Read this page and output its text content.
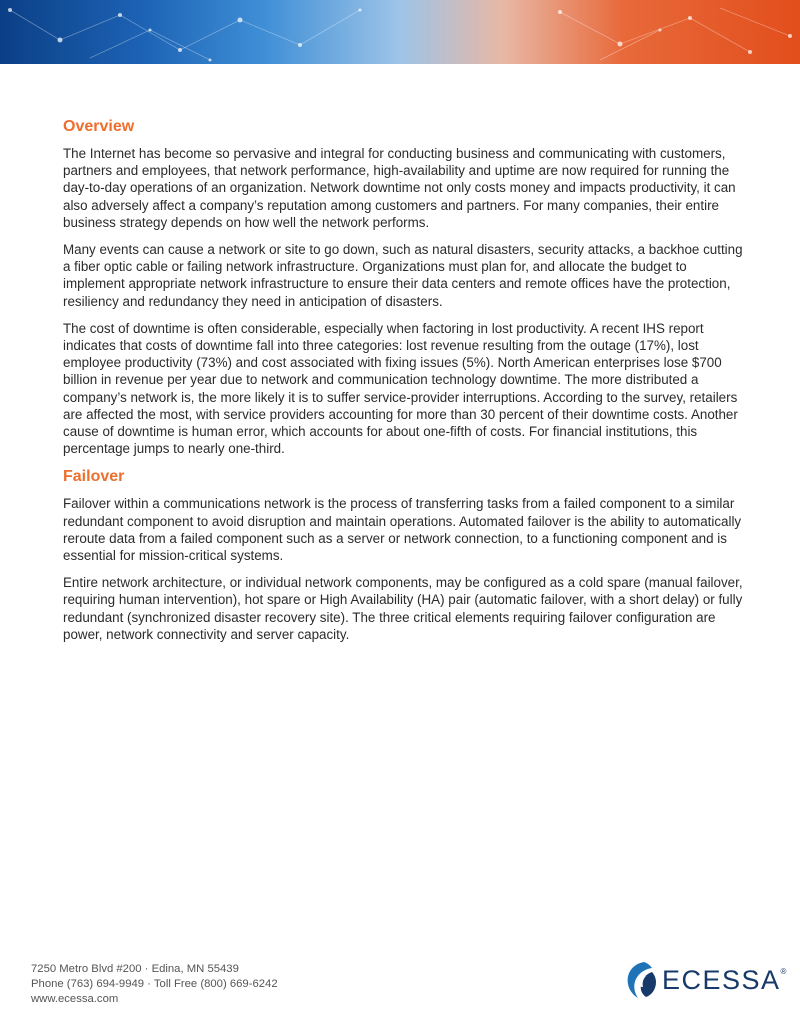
Overview

The Internet has become so pervasive and integral for conducting business and communicating with customers, partners and employees, that network performance, high-availability and uptime are now required for running the day-to-day operations of an organization. Network downtime not only costs money and impacts productivity, it can also adversely affect a company’s reputation among customers and partners. For many companies, their entire business strategy depends on how well the network performs.

Many events can cause a network or site to go down, such as natural disasters, security attacks, a backhoe cutting a fiber optic cable or failing network infrastructure. Organizations must plan for, and allocate the budget to implement appropriate network infrastructure to ensure their data centers and remote offices have the protection, resiliency and redundancy they need in anticipation of disasters.

The cost of downtime is often considerable, especially when factoring in lost productivity. A recent IHS report indicates that costs of downtime fall into three categories: lost revenue resulting from the outage (17%), lost employee productivity (73%) and cost associated with fixing issues (5%). North American enterprises lose $700 billion in revenue per year due to network and communication technology downtime. The more distributed a company’s network is, the more likely it is to suffer service-provider interruptions. According to the survey, retailers are affected the most, with service providers accounting for more than 30 percent of their downtime costs. Another cause of downtime is human error, which accounts for about one-fifth of costs. For financial institutions, this percentage jumps to nearly one-third.

Failover

Failover within a communications network is the process of transferring tasks from a failed component to a similar redundant component to avoid disruption and maintain operations. Automated failover is the ability to automatically reroute data from a failed component such as a server or network connection, to a functioning component and is essential for mission-critical systems.

Entire network architecture, or individual network components, may be configured as a cold spare (manual failover, requiring human intervention), hot spare or High Availability (HA) pair (automatic failover, with a short delay) or fully redundant (synchronized disaster recovery site). The three critical elements requiring failover configuration are power, network connectivity and server capacity.

7250 Metro Blvd #200 · Edina, MN 55439
Phone (763) 694-9949 · Toll Free (800) 669-6242
www.ecessa.com
ECESSA®
